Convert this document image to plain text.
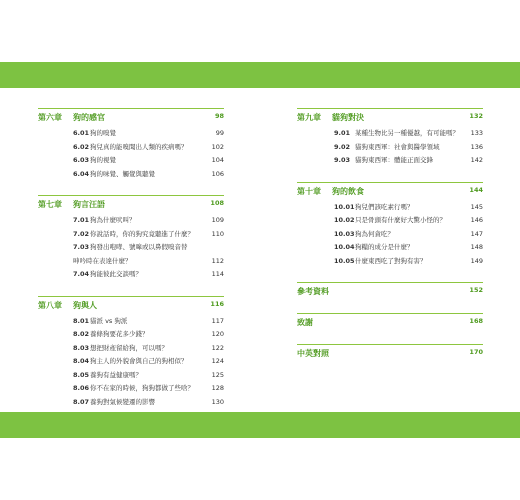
第六章 狗的感官	98
6.01 狗的嗅覺	99
6.02 狗兒真的能嗅聞出人類的疾病嗎？	102
6.03 狗的視覺	104
6.04 狗的味覺、觸覺與聽覺	106
第七章 狗言汪語	108
7.01 狗為什麼吠叫？	109
7.02 你說話時，你的狗究竟聽進了什麼？	110
7.03 狗發出咆哮、號嗥或以鼻假嗅音替
呻吟時在表達什麼？	112
7.04 狗能彼此交談嗎？	114
第八章 狗與人	116
8.01 貓派 vs 狗派	117
8.02 養條狗要花多少錢？	120
8.03 想把財產留給狗，可以嗎？	122
8.04 狗主人的外貌會與自己的狗相似？	124
8.05 養狗有益健康嗎？	125
8.06 你不在家的時候，狗狗都做了些啥？	128
8.07 養狗對氣候變遷的影響	130
第九章 貓狗對決	132
9.01 某種生物比另一種優越，有可能嗎？ 133
9.02 貓狗東西軍：社會與醫學領域	136
9.03 貓狗東西軍：體能正面交鋒	142
第十章 狗的飲食	144
10.01 狗兒們該吃素行嗎？	145
10.02 只是骨頭有什麼好大驚小怪的？	146
10.03 狗為何貪吃？	147
10.04 狗糧的成分是什麼？	148
10.05 什麼東西吃了對狗有害？	149
參考資料	152
致謝	168
中英對照	170
